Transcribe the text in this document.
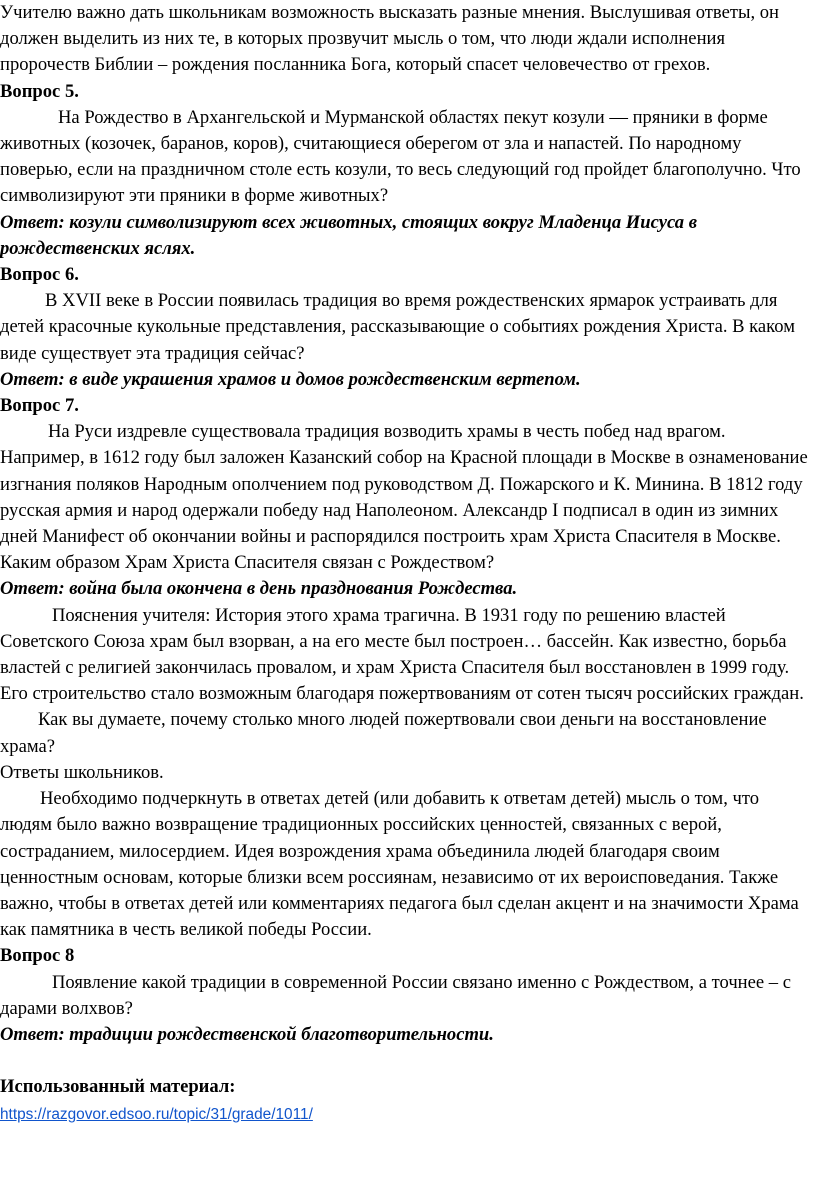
Учителю важно дать школьникам возможность высказать разные мнения. Выслушивая ответы, он должен выделить из них те, в которых прозвучит мысль о том, что люди ждали исполнения пророчеств Библии – рождения посланника Бога, который спасет человечество от грехов.

Вопрос 5.

На Рождество в Архангельской и Мурманской областях пекут козули — пряники в форме животных (козочек, баранов, коров), считающиеся оберегом от зла и напастей. По народному поверью, если на праздничном столе есть козули, то весь следующий год пройдет благополучно. Что символизируют эти пряники в форме животных?

Ответ: козули символизируют всех животных, стоящих вокруг Младенца Иисуса в рождественских яслях.

Вопрос 6.

В XVII веке в России появилась традиция во время рождественских ярмарок устраивать для детей красочные кукольные представления, рассказывающие о событиях рождения Христа. В каком виде существует эта традиция сейчас?

Ответ: в виде украшения храмов и домов рождественским вертепом.

Вопрос 7.

На Руси издревле существовала традиция возводить храмы в честь побед над врагом. Например, в 1612 году был заложен Казанский собор на Красной площади в Москве в ознаменование изгнания поляков Народным ополчением под руководством Д. Пожарского и К. Минина. В 1812 году русская армия и народ одержали победу над Наполеоном. Александр I подписал в один из зимних дней Манифест об окончании войны и распорядился построить храм Христа Спасителя в Москве. Каким образом Храм Христа Спасителя связан с Рождеством?

Ответ: война была окончена в день празднования Рождества.

Пояснения учителя: История этого храма трагична. В 1931 году по решению властей Советского Союза храм был взорван, а на его месте был построен… бассейн. Как известно, борьба властей с религией закончилась провалом, и храм Христа Спасителя был восстановлен в 1999 году. Его строительство стало возможным благодаря пожертвованиям от сотен тысяч российских граждан.

Как вы думаете, почему столько много людей пожертвовали свои деньги на восстановление храма?

Ответы школьников.

Необходимо подчеркнуть в ответах детей (или добавить к ответам детей) мысль о том, что людям было важно возвращение традиционных российских ценностей, связанных с верой, состраданием, милосердием. Идея возрождения храма объединила людей благодаря своим ценностным основам, которые близки всем россиянам, независимо от их вероисповедания. Также важно, чтобы в ответах детей или комментариях педагога был сделан акцент и на значимости Храма как памятника в честь великой победы России.

Вопрос 8

Появление какой традиции в современной России связано именно с Рождеством, а точнее – с дарами волхвов?

Ответ: традиции рождественской благотворительности.

Использованный материал:

https://razgovor.edsoo.ru/topic/31/grade/1011/
